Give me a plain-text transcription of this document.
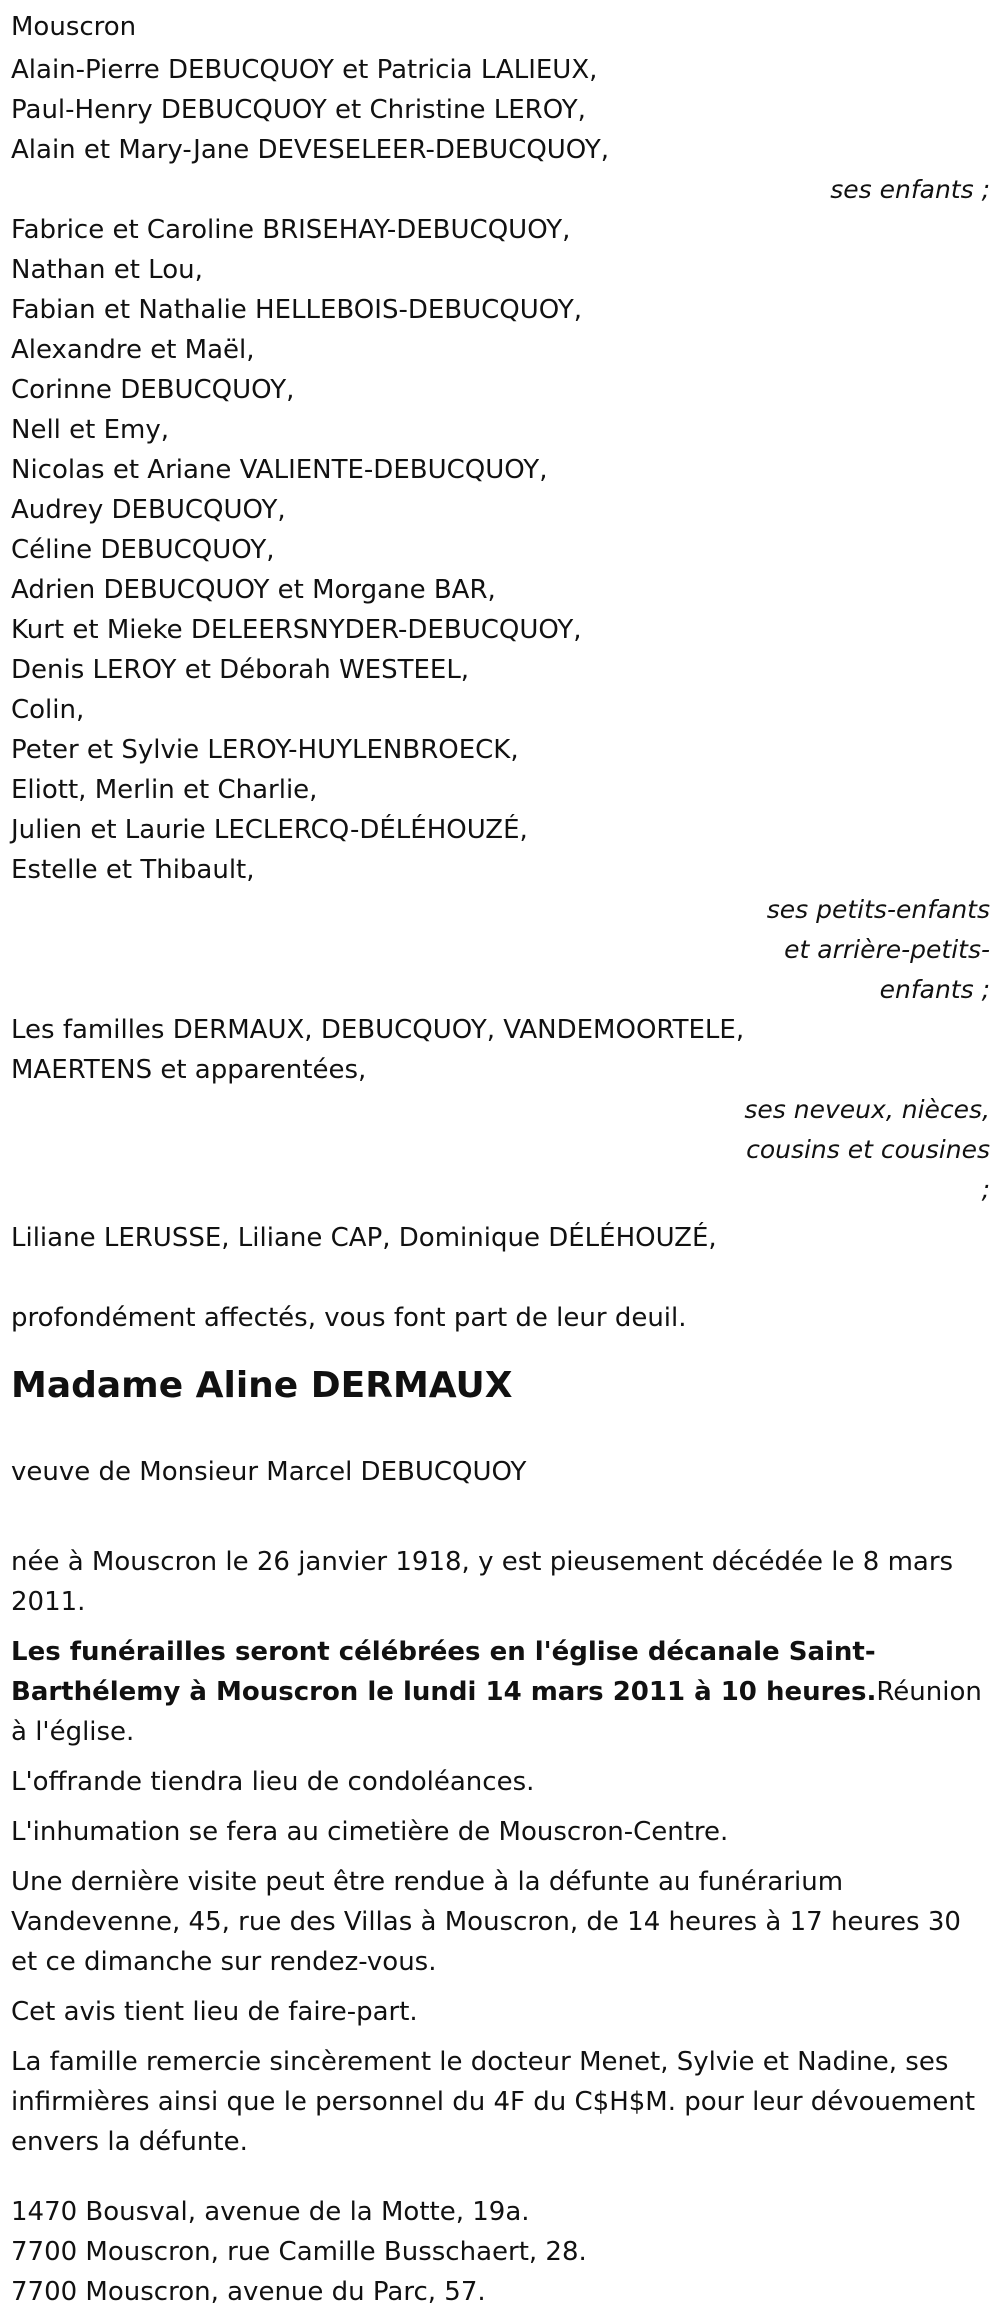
Mouscron
Alain-Pierre DEBUCQUOY et Patricia LALIEUX,
Paul-Henry DEBUCQUOY et Christine LEROY,
Alain et Mary-Jane DEVESELEER-DEBUCQUOY,
ses enfants ;
Fabrice et Caroline BRISEHAY-DEBUCQUOY,
Nathan et Lou,
Fabian et Nathalie HELLEBOIS-DEBUCQUOY,
Alexandre et Maël,
Corinne DEBUCQUOY,
Nell et Emy,
Nicolas et Ariane VALIENTE-DEBUCQUOY,
Audrey DEBUCQUOY,
Céline DEBUCQUOY,
Adrien DEBUCQUOY et Morgane BAR,
Kurt et Mieke DELEERSNYDER-DEBUCQUOY,
Denis LEROY et Déborah WESTEEL,
Colin,
Peter et Sylvie LEROY-HUYLENBROECK,
Eliott, Merlin et Charlie,
Julien et Laurie LECLERCQ-DÉLÉHOUZÉ,
Estelle et Thibault,
ses petits-enfants
et arrière-petits-
enfants ;
Les familles DERMAUX, DEBUCQUOY, VANDEMOORTELE,
MAERTENS et apparentées,
ses neveux, nièces,
cousins et cousines
;
Liliane LERUSSE, Liliane CAP, Dominique DÉLÉHOUZÉ,
profondément affectés, vous font part de leur deuil.
Madame Aline DERMAUX
veuve de Monsieur Marcel DEBUCQUOY
née à Mouscron le 26 janvier 1918, y est pieusement décédée le 8 mars 2011.
Les funérailles seront célébrées en l'église décanale Saint-Barthélemy à Mouscron le lundi 14 mars 2011 à 10 heures.Réunion à l'église.
L'offrande tiendra lieu de condoléances.
L'inhumation se fera au cimetière de Mouscron-Centre.
Une dernière visite peut être rendue à la défunte au funérarium Vandevenne, 45, rue des Villas à Mouscron, de 14 heures à 17 heures 30 et ce dimanche sur rendez-vous.
Cet avis tient lieu de faire-part.
La famille remercie sincèrement le docteur Menet, Sylvie et Nadine, ses infirmières ainsi que le personnel du 4F du C$H$M. pour leur dévouement envers la défunte.
1470 Bousval, avenue de la Motte, 19a.
7700 Mouscron, rue Camille Busschaert, 28.
7700 Mouscron, avenue du Parc, 57.
